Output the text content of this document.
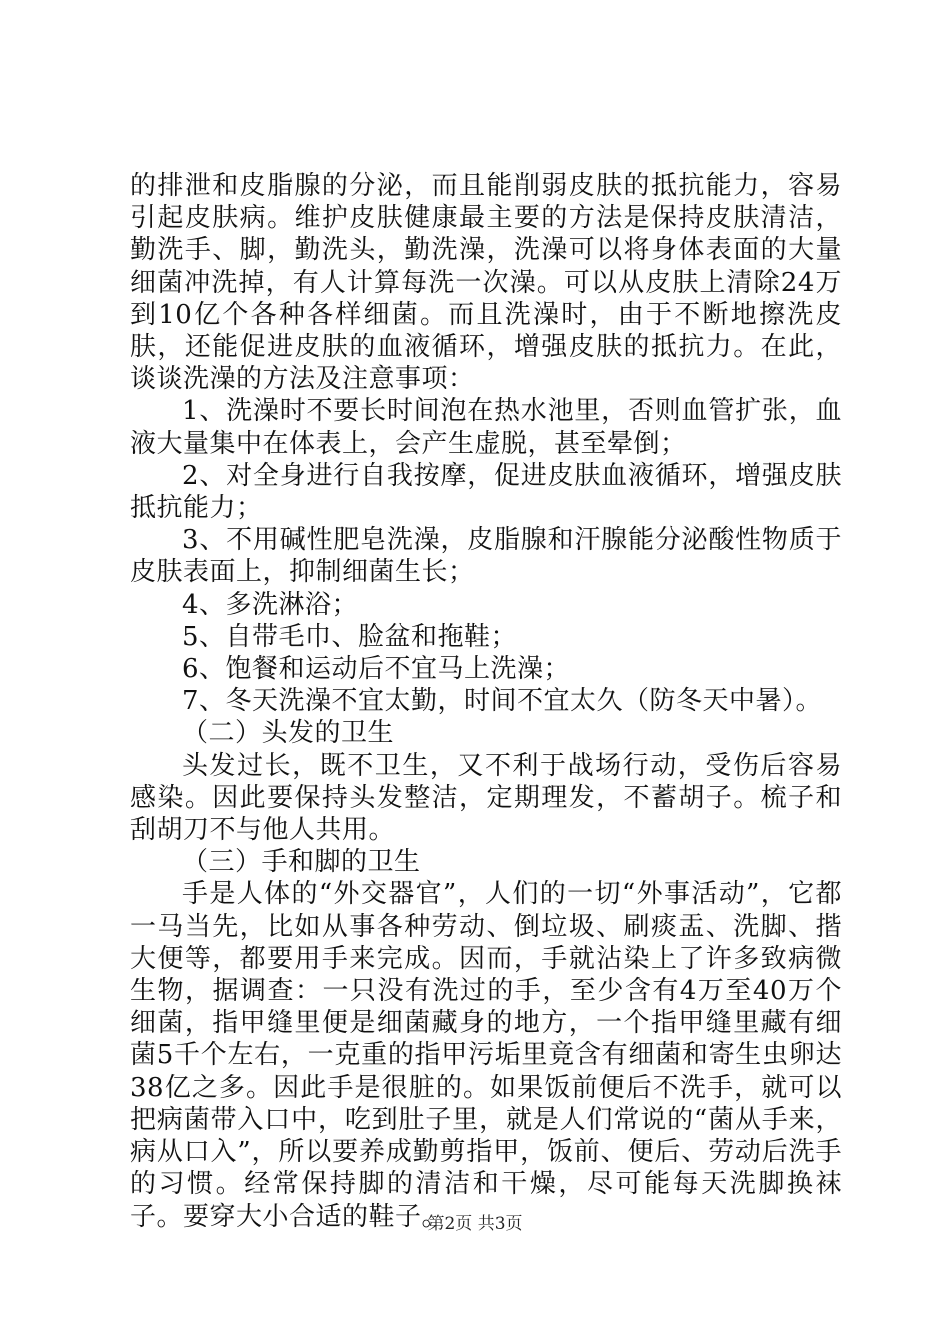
的排泄和皮脂腺的分泌，而且能削弱皮肤的抵抗能力，容易引起皮肤病。维护皮肤健康最主要的方法是保持皮肤清洁，勤洗手、脚，勤洗头，勤洗澡，洗澡可以将身体表面的大量细菌冲洗掉，有人计算每洗一次澡。可以从皮肤上清除24万到10亿个各种各样细菌。而且洗澡时，由于不断地擦洗皮肤，还能促进皮肤的血液循环，增强皮肤的抵抗力。在此，谈谈洗澡的方法及注意事项：

1、洗澡时不要长时间泡在热水池里，否则血管扩张，血液大量集中在体表上，会产生虚脱，甚至晕倒；

2、对全身进行自我按摩，促进皮肤血液循环，增强皮肤抵抗能力；

3、不用碱性肥皂洗澡，皮脂腺和汗腺能分泌酸性物质于皮肤表面上，抑制细菌生长；

4、多洗淋浴；

5、自带毛巾、脸盆和拖鞋；

6、饱餐和运动后不宜马上洗澡；

7、冬天洗澡不宜太勤，时间不宜太久（防冬天中暑）。

（二）头发的卫生

头发过长，既不卫生，又不利于战场行动，受伤后容易感染。因此要保持头发整洁，定期理发，不蓄胡子。梳子和刮胡刀不与他人共用。

（三）手和脚的卫生

手是人体的“外交器官”，人们的一切“外事活动”，它都一马当先，比如从事各种劳动、倒垃圾、刷痰盂、洗脚、揩大便等，都要用手来完成。因而，手就沾染上了许多致病微生物，据调查：一只没有洗过的手，至少含有4万至40万个细菌，指甲缝里便是细菌藏身的地方，一个指甲缝里藏有细菌5千个左右，一克重的指甲污垢里竟含有细菌和寄生虫卵达38亿之多。因此手是很脏的。如果饭前便后不洗手，就可以把病菌带入口中，吃到肚子里，就是人们常说的“菌从手来，病从口入”，所以要养成勤剪指甲，饭前、便后、劳动后洗手的习惯。经常保持脚的清洁和干燥，尽可能每天洗脚换袜子。要穿大小合适的鞋子。

第2页 共3页
